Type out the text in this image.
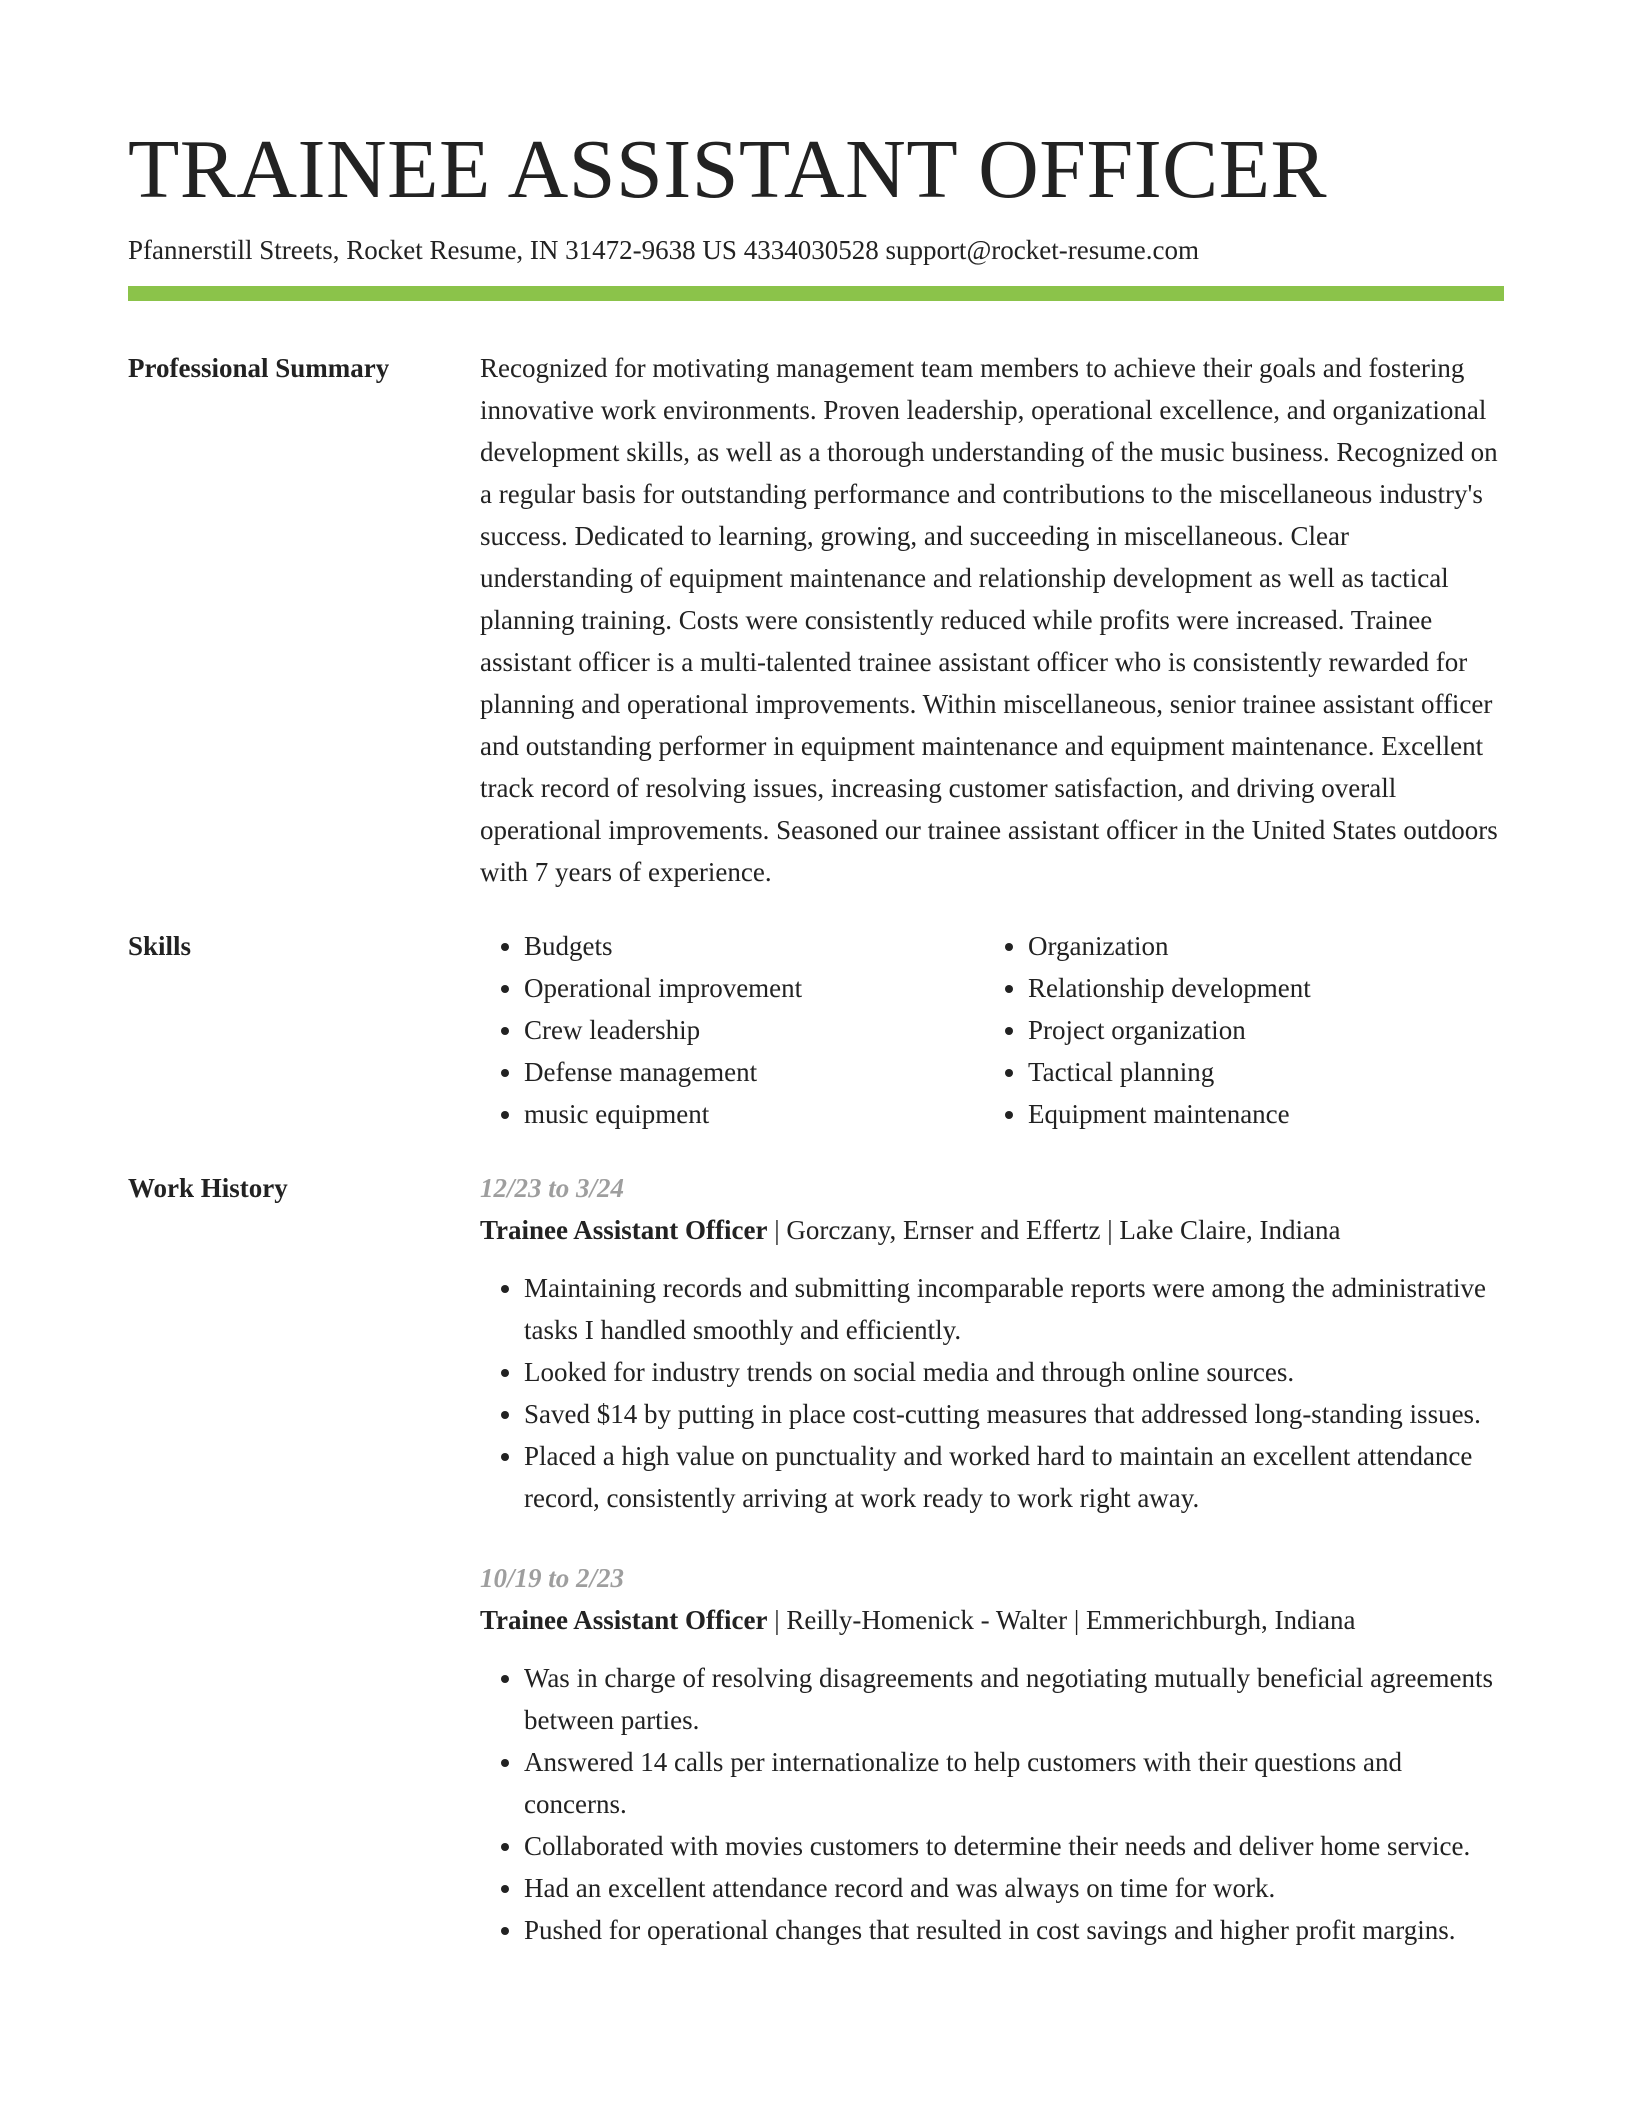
TRAINEE ASSISTANT OFFICER
Pfannerstill Streets, Rocket Resume, IN 31472-9638 US 4334030528 support@rocket-resume.com
Professional Summary	Recognized for motivating management team members to achieve their goals and fostering innovative work environments. Proven leadership, operational excellence, and organizational development skills, as well as a thorough understanding of the music business. Recognized on a regular basis for outstanding performance and contributions to the miscellaneous industry's success. Dedicated to learning, growing, and succeeding in miscellaneous. Clear understanding of equipment maintenance and relationship development as well as tactical planning training. Costs were consistently reduced while profits were increased. Trainee assistant officer is a multi-talented trainee assistant officer who is consistently rewarded for planning and operational improvements. Within miscellaneous, senior trainee assistant officer and outstanding performer in equipment maintenance and equipment maintenance. Excellent track record of resolving issues, increasing customer satisfaction, and driving overall operational improvements. Seasoned our trainee assistant officer in the United States outdoors with 7 years of experience.

Skills
•	Budgets
• Operational improvement
• Crew leadership
• Defense management
• music equipment
• Organization
• Relationship development
• Project organization
• Tactical planning
• Equipment maintenance
Work History	12/23 to 3/24
Trainee Assistant Officer | Gorczany, Ernser and Effertz | Lake Claire, Indiana
• Maintaining records and submitting incomparable reports were among the administrative tasks I handled smoothly and efficiently.
• Looked for industry trends on social media and through online sources.
• Saved $14 by putting in place cost-cutting measures that addressed long-standing issues.
• Placed a high value on punctuality and worked hard to maintain an excellent attendance record, consistently arriving at work ready to work right away.
10/19 to 2/23
Trainee Assistant Officer | Reilly-Homenick - Walter | Emmerichburgh, Indiana
• Was in charge of resolving disagreements and negotiating mutually beneficial agreements between parties.
• Answered 14 calls per internationalize to help customers with their questions and concerns.
• Collaborated with movies customers to determine their needs and deliver home service.
• Had an excellent attendance record and was always on time for work.
• Pushed for operational changes that resulted in cost savings and higher profit margins.
